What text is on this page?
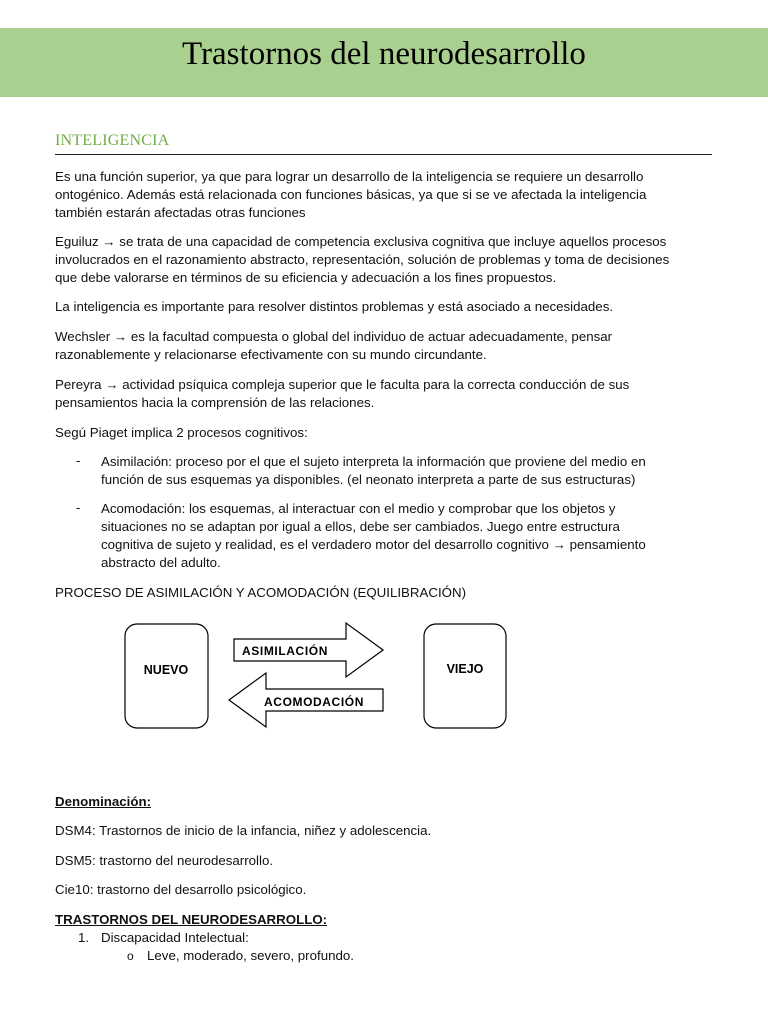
Trastornos del neurodesarrollo
INTELIGENCIA

Es una función superior, ya que para lograr un desarrollo de la inteligencia se requiere un desarrollo

ontogénico. Además está relacionada con funciones básicas, ya que si se ve afectada la inteligencia

también estarán afectadas otras funciones

Eguiluz → se trata de una capacidad de competencia exclusiva cognitiva que incluye aquellos procesos

involucrados en el razonamiento abstracto, representación, solución de problemas y toma de decisiones

que debe valorarse en términos de su eficiencia y adecuación a los fines propuestos.

La inteligencia es importante para resolver distintos problemas y está asociado a necesidades.

Wechsler → es la facultad compuesta o global del individuo de actuar adecuadamente, pensar

razonablemente y relacionarse efectivamente con su mundo circundante.

Pereyra → actividad psíquica compleja superior que le faculta para la correcta conducción de sus

pensamientos hacia la comprensión de las relaciones.

Segú Piaget implica 2 procesos cognitivos:

- Asimilación: proceso por el que el sujeto interpreta la información que proviene del medio en

función de sus esquemas ya disponibles. (el neonato interpreta a parte de sus estructuras)

- Acomodación: los esquemas, al interactuar con el medio y comprobar que los objetos y

situaciones no se adaptan por igual a ellos, debe ser cambiados. Juego entre estructura

cognitiva de sujeto y realidad, es el verdadero motor del desarrollo cognitivo → pensamiento

abstracto del adulto.

PROCESO DE ASIMILACIÓN Y ACOMODACIÓN (EQUILIBRACIÓN)

NUEVO	VIEJO
ASIMILACIÓN
ACOMODACIÓN

Denominación:

DSM4: Trastornos de inicio de la infancia, niñez y adolescencia.

DSM5: trastorno del neurodesarrollo.

Cie10: trastorno del desarrollo psicológico.

TRASTORNOS DEL NEURODESARROLLO:

1. Discapacidad Intelectual:

o Leve, moderado, severo, profundo.
